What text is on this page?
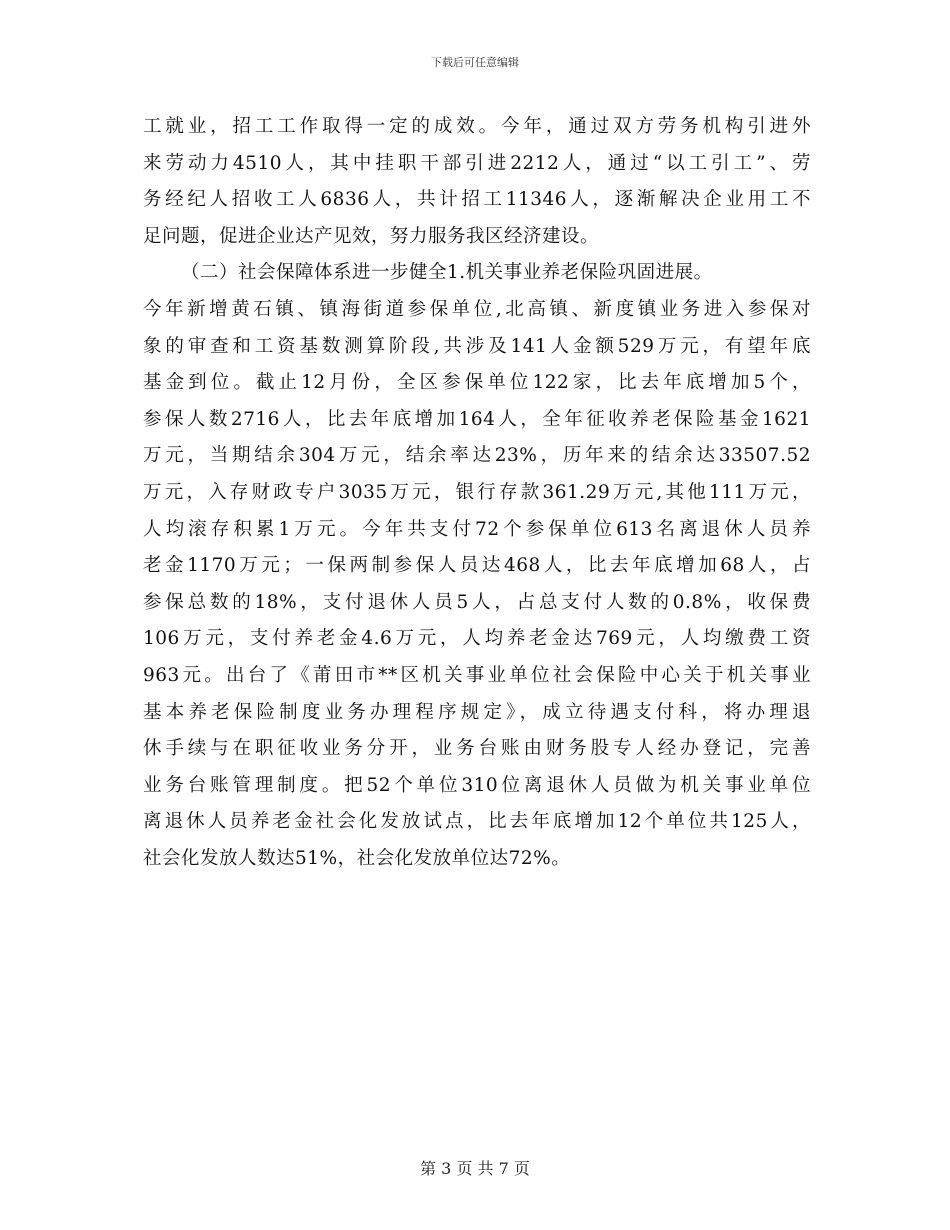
下载后可任意编辑
工就业，招工工作取得一定的成效。今年，通过双方劳务机构引进外
来劳动力4510人，其中挂职干部引进2212人，通过“以工引工”、劳
务经纪人招收工人6836人，共计招工11346人，逐渐解决企业用工不
足问题，促进企业达产见效，努力服务我区经济建设。
（二）社会保障体系进一步健全1.机关事业养老保险巩固进展。
今年新增黄石镇、镇海街道参保单位,北高镇、新度镇业务进入参保对
象的审查和工资基数测算阶段,共涉及141人金额529万元，有望年底
基金到位。截止12月份，全区参保单位122家，比去年底增加5个，
参保人数2716人，比去年底增加164人，全年征收养老保险基金1621
万元，当期结余304万元，结余率达23%，历年来的结余达33507.52
万元，入存财政专户3035万元，银行存款361.29万元,其他111万元，
人均滚存积累1万元。今年共支付72个参保单位613名离退休人员养
老金1170万元；一保两制参保人员达468人，比去年底增加68人，占
参保总数的18%，支付退休人员5人，占总支付人数的0.8%，收保费
106万元，支付养老金4.6万元，人均养老金达769元，人均缴费工资
963元。出台了《莆田市**区机关事业单位社会保险中心关于机关事业
基本养老保险制度业务办理程序规定》，成立待遇支付科，将办理退
休手续与在职征收业务分开，业务台账由财务股专人经办登记，完善
业务台账管理制度。把52个单位310位离退休人员做为机关事业单位
离退休人员养老金社会化发放试点，比去年底增加12个单位共125人，
社会化发放人数达51%，社会化发放单位达72%。
第 3 页 共 7 页
